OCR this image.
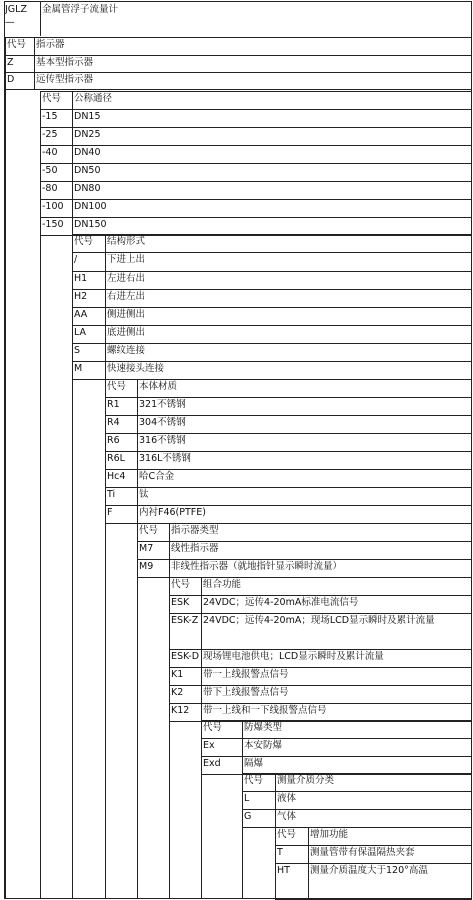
JGLZ 金属管浮子流量计
—
代号 指示器
Z 基本型指示器
D 远传型指示器
代号 公称通径
-15 DN15
-25 DN25
-40 DN40
-50 DN50
-80 DN80
-100 DN100
-150 DN150
代号 结构形式
/	下进上出
H1 左进右出
H2 右进左出
AA 侧进侧出
LA 底进侧出
S	螺纹连接
M	快速接头连接
代号 本体材质
R1 321不锈钢
R4 304不锈钢
R6 316不锈钢
R6L 316L不锈钢
Hc4 哈C合金
Ti	钛
F	内衬F46(PTFE)
代号 指示器类型
M7 线性指示器
M9 非线性指示器（就地指针显示瞬时流量）
代号 组合功能
ESK 24VDC；远传4-20mA标准电流信号
ESK-Z 24VDC；远传4-20mA；现场LCD显示瞬时及累计流量
ESK-D 现场锂电池供电；LCD显示瞬时及累计流量
K1 带一上线报警点信号
K2 带下上线报警点信号
K12 带一上线和一下线报警点信号
代号 防爆类型
Ex	本安防爆
Exd 隔爆
代号 测量介质分类
L	液体
G	气体
代号 增加功能
T	测量管带有保温隔热夹套
HT 测量介质温度大于120°高温
